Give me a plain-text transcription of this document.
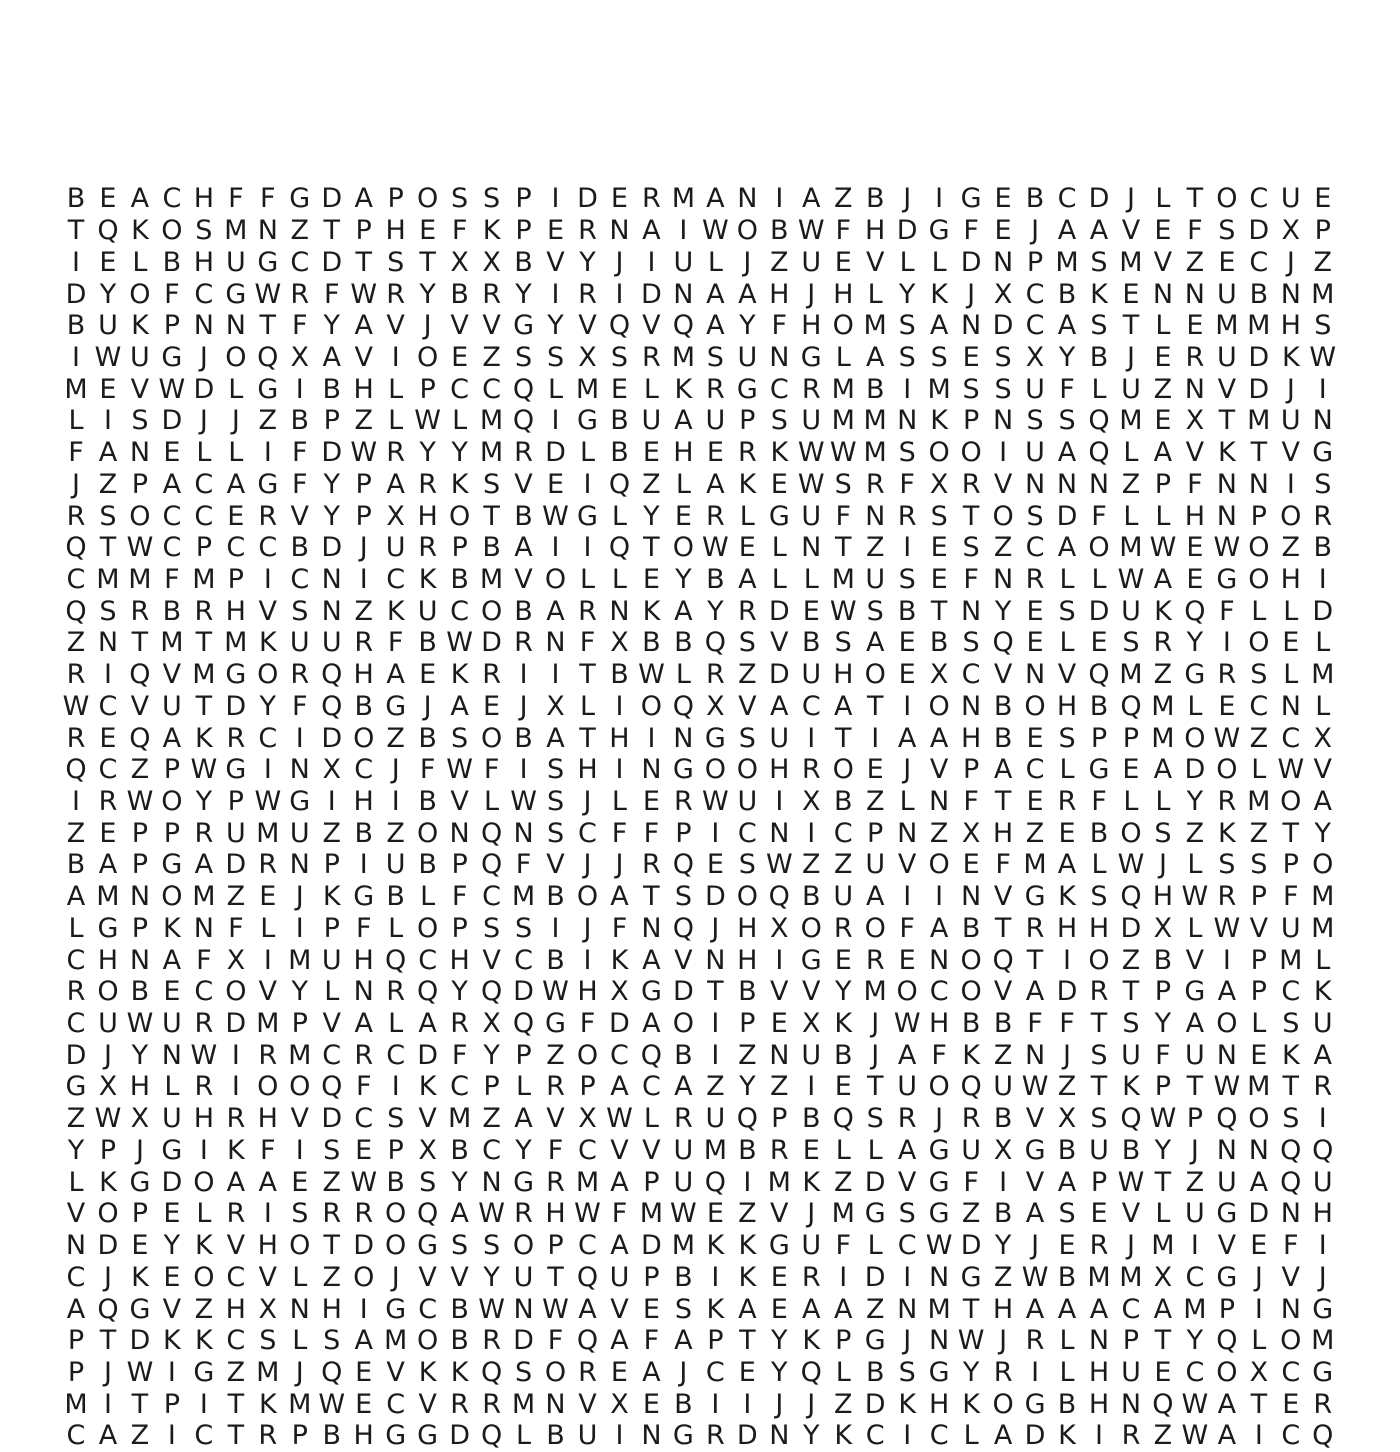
B E A C H F F G D A P O S S P I D E R M A N I A Z B J I G E B C D J L T O C U E
T Q K O S M N Z T P H E F K P E R N A I W O B W F H D G F E J A A V E F S D X P
I E L B H U G C D T S T X X B V Y J I U L J Z U E V L L D N P M S M V Z E C J Z
D Y O F C G W R F W R Y B R Y I R I D N A A H J H L Y K J X C B K E N N U B N M
B U K P N N T F Y A V J V V G Y V Q V Q A Y F H O M S A N D C A S T L E M M H S
I W U G J O Q X A V I O E Z S S X S R M S U N G L A S S E S X Y B J E R U D K W
M E V W D L G I B H L P C C Q L M E L K R G C R M B I M S S U F L U Z N V D J I
L I S D J J Z B P Z L W L M Q I G B U A U P S U M M N K P N S S Q M E X T M U N
F A N E L L I F D W R Y Y M R D L B E H E R K W W M S O O I U A Q L A V K T V G
J Z P A C A G F Y P A R K S V E I Q Z L A K E W S R F X R V N N N Z P F N N I S
R S O C C E R V Y P X H O T B W G L Y E R L G U F N R S T O S D F L L H N P O R
Q T W C P C C B D J U R P B A I I Q T O W E L N T Z I E S Z C A O M W E W O Z B
C M M F M P I C N I C K B M V O L L E Y B A L L M U S E F N R L L W A E G O H I
Q S R B R H V S N Z K U C O B A R N K A Y R D E W S B T N Y E S D U K Q F L L D
Z N T M T M K U U R F B W D R N F X B B Q S V B S A E B S Q E L E S R Y I O E L
R I Q V M G O R Q H A E K R I I T B W L R Z D U H O E X C V N V Q M Z G R S L M
W C V U T D Y F Q B G J A E J X L I O Q X V A C A T I O N B O H B Q M L E C N L
R E Q A K R C I D O Z B S O B A T H I N G S U I T I A A H B E S P P M O W Z C X
Q C Z P W G I N X C J F W F I S H I N G O O H R O E J V P A C L G E A D O L W V
I R W O Y P W G I H I B V L W S J L E R W U I X B Z L N F T E R F L L Y R M O A
Z E P P R U M U Z B Z O N Q N S C F F P I C N I C P N Z X H Z E B O S Z K Z T Y
B A P G A D R N P I U B P Q F V J J R Q E S W Z Z U V O E F M A L W J L S S P O
A M N O M Z E J K G B L F C M B O A T S D O Q B U A I I N V G K S Q H W R P F M
L G P K N F L I P F L O P S S I J F N Q J H X O R O F A B T R H H D X L W V U M
C H N A F X I M U H Q C H V C B I K A V N H I G E R E N O Q T I O Z B V I P M L
R O B E C O V Y L N R Q Y Q D W H X G D T B V V Y M O C O V A D R T P G A P C K
C U W U R D M P V A L A R X Q G F D A O I P E X K J W H B B F F T S Y A O L S U
D J Y N W I R M C R C D F Y P Z O C Q B I Z N U B J A F K Z N J S U F U N E K A
G X H L R I O O Q F I K C P L R P A C A Z Y Z I E T U O Q U W Z T K P T W M T R
Z W X U H R H V D C S V M Z A V X W L R U Q P B Q S R J R B V X S Q W P Q O S I
Y P J G I K F I S E P X B C Y F C V V U M B R E L L A G U X G B U B Y J N N Q Q
L K G D O A A E Z W B S Y N G R M A P U Q I M K Z D V G F I V A P W T Z U A Q U
V O P E L R I S R R O Q A W R H W F M W E Z V J M G S G Z B A S E V L U G D N H
N D E Y K V H O T D O G S S O P C A D M K K G U F L C W D Y J E R J M I V E F I
C J K E O C V L Z O J V V Y U T Q U P B I K E R I D I N G Z W B M M X C G J V J
A Q G V Z H X N H I G C B W N W A V E S K A E A A Z N M T H A A A C A M P I N G
P T D K K C S L S A M O B R D F Q A F A P T Y K P G J N W J R L N P T Y Q L O M
P J W I G Z M J Q E V K K Q S O R E A J C E Y Q L B S G Y R I L H U E C O X C G
M I T P I T K M W E C V R R M N V X E B I I J J Z D K H K O G B H N Q W A T E R
C A Z I C T R P B H G G D Q L B U I N G R D N Y K C I C L A D K I R Z W A I C Q
